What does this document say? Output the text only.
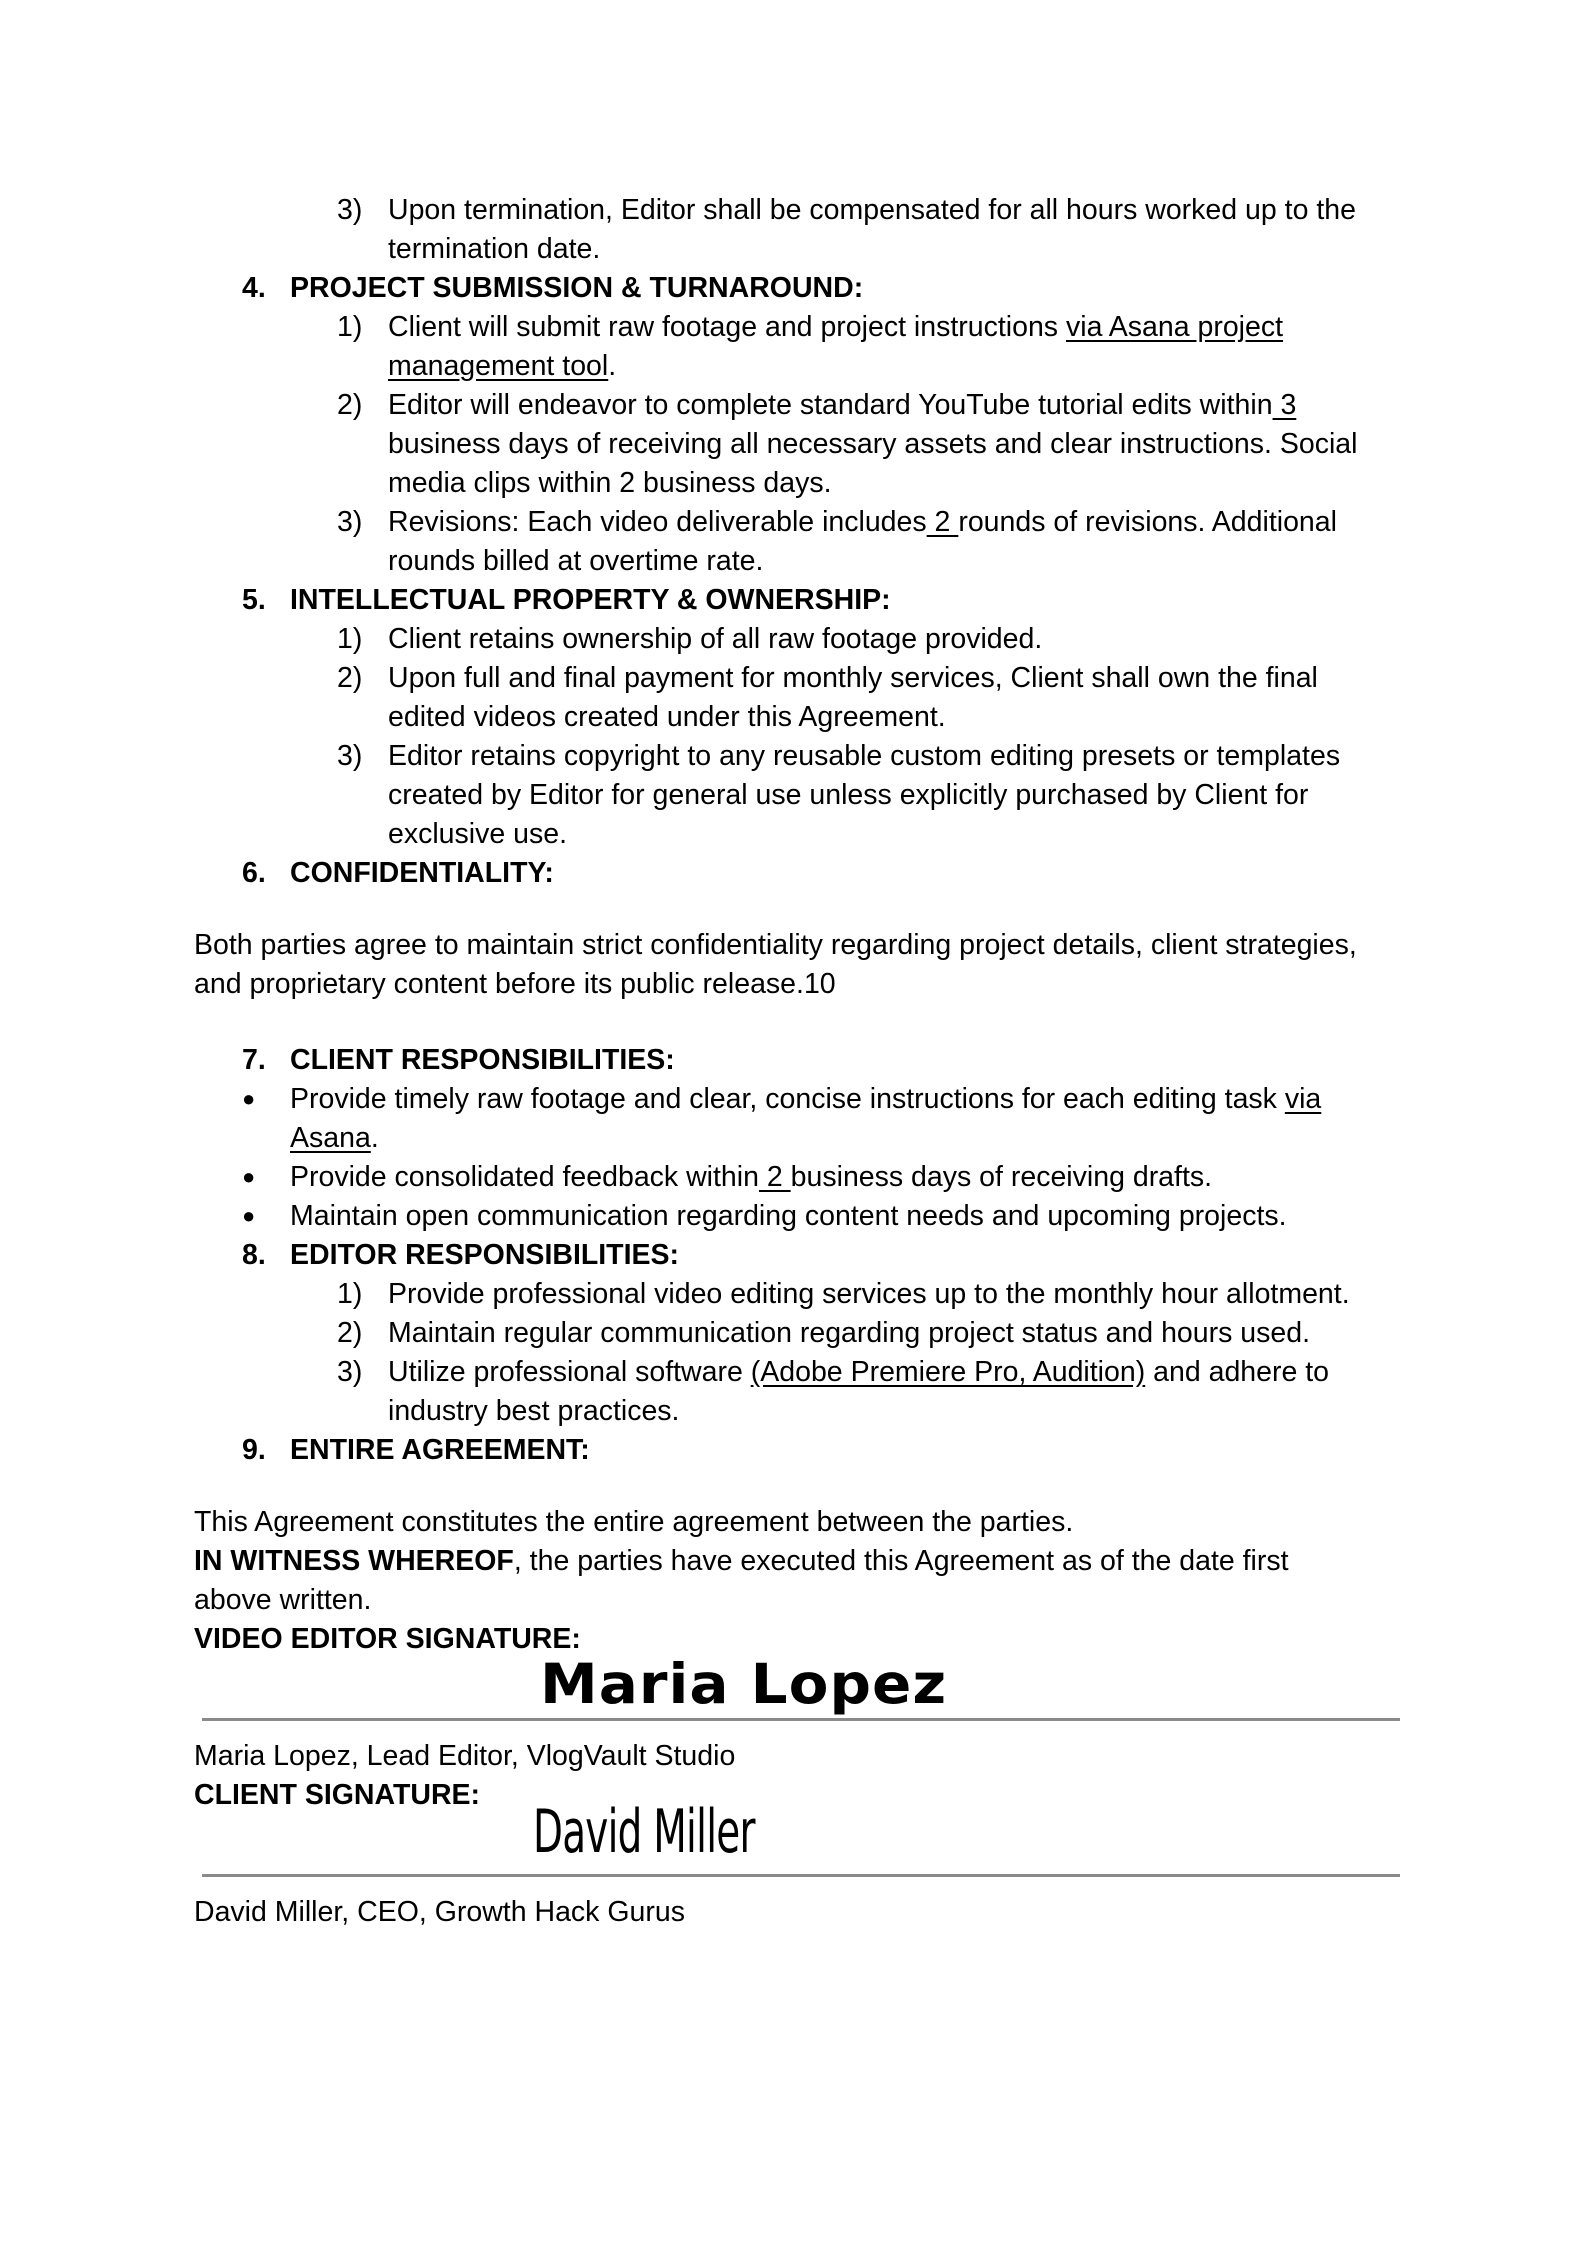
3) Upon termination, Editor shall be compensated for all hours worked up to the
termination date.
4. PROJECT SUBMISSION & TURNAROUND:
1) Client will submit raw footage and project instructions via Asana project
management tool.
2) Editor will endeavor to complete standard YouTube tutorial edits within 3
business days of receiving all necessary assets and clear instructions. Social
media clips within 2 business days.
3) Revisions: Each video deliverable includes 2 rounds of revisions. Additional
rounds billed at overtime rate.
5. INTELLECTUAL PROPERTY & OWNERSHIP:
1) Client retains ownership of all raw footage provided.
2) Upon full and final payment for monthly services, Client shall own the final
edited videos created under this Agreement.
3) Editor retains copyright to any reusable custom editing presets or templates
created by Editor for general use unless explicitly purchased by Client for
exclusive use.
6. CONFIDENTIALITY:
Both parties agree to maintain strict confidentiality regarding project details, client strategies,
and proprietary content before its public release.10
7. CLIENT RESPONSIBILITIES:
● Provide timely raw footage and clear, concise instructions for each editing task via
Asana.
● Provide consolidated feedback within 2 business days of receiving drafts.
● Maintain open communication regarding content needs and upcoming projects.
8. EDITOR RESPONSIBILITIES:
1) Provide professional video editing services up to the monthly hour allotment.
2) Maintain regular communication regarding project status and hours used.
3) Utilize professional software (Adobe Premiere Pro, Audition) and adhere to
industry best practices.
9. ENTIRE AGREEMENT:
This Agreement constitutes the entire agreement between the parties.
IN WITNESS WHEREOF, the parties have executed this Agreement as of the date first
above written.
VIDEO EDITOR SIGNATURE:
Maria Lopez
Maria Lopez, Lead Editor, VlogVault Studio
CLIENT SIGNATURE:
David Miller
David Miller, CEO, Growth Hack Gurus
